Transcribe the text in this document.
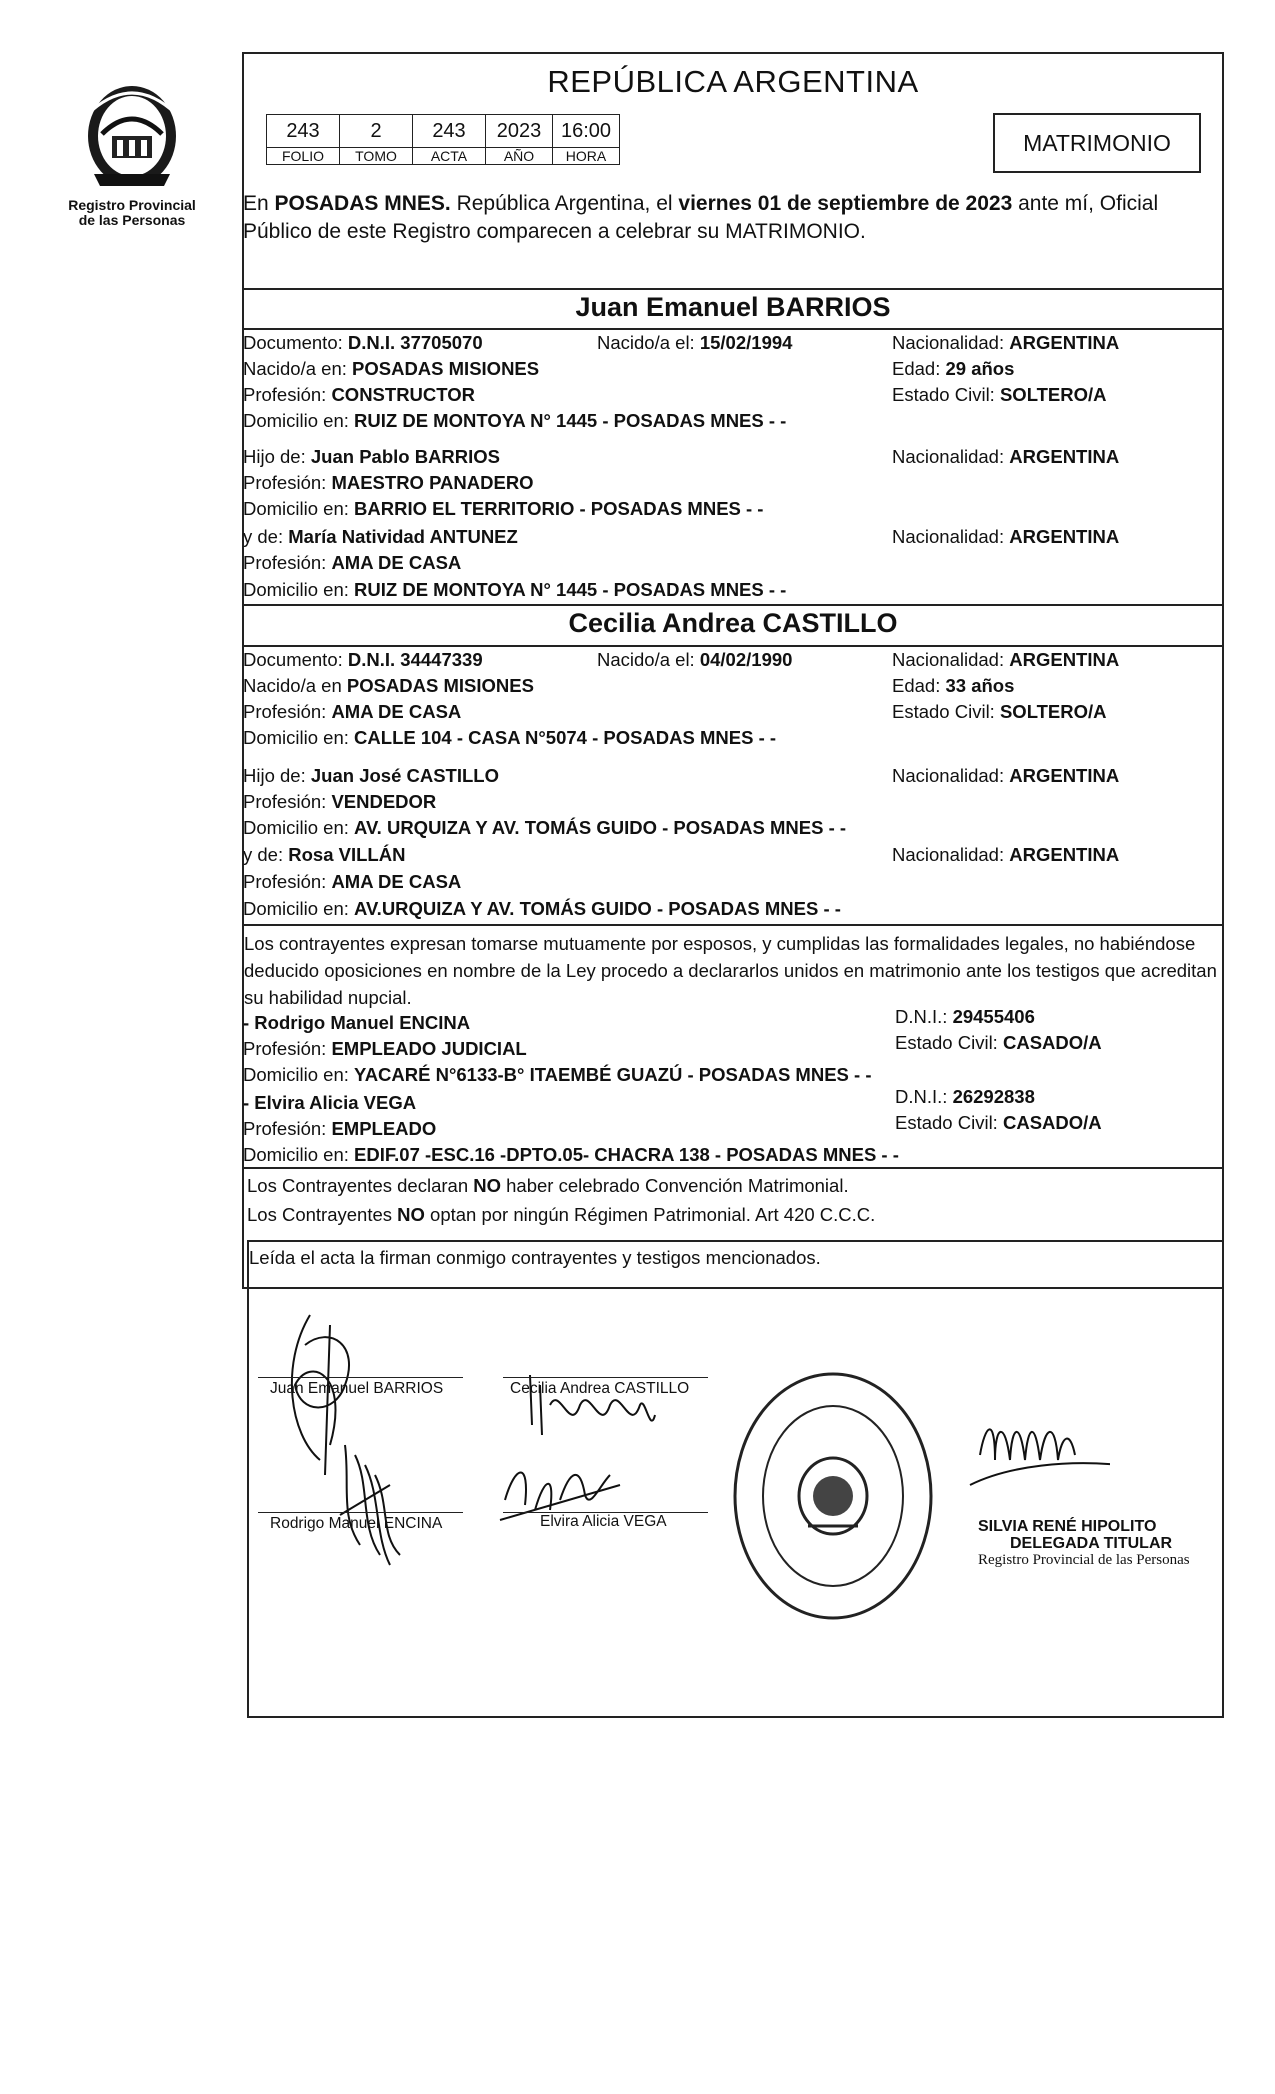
Registro Provincial
de las Personas
REPÚBLICA ARGENTINA
243	2	243	2023	16:00
FOLIO	TOMO	ACTA	AÑO	HORA	MATRIMONIO
En POSADAS MNES. República Argentina, el viernes 01 de septiembre de 2023 ante mí, Oficial Público de este Registro comparecen a celebrar su MATRIMONIO.
Juan Emanuel BARRIOS
Documento: D.N.I. 37705070	Nacido/a el: 15/02/1994	Nacionalidad: ARGENTINA
Nacido/a en: POSADAS MISIONES	Edad: 29 años
Profesión: CONSTRUCTOR	Estado Civil: SOLTERO/A
Domicilio en: RUIZ DE MONTOYA N° 1445 - POSADAS MNES - -
Hijo de: Juan Pablo BARRIOS	Nacionalidad: ARGENTINA
Profesión: MAESTRO PANADERO
Domicilio en: BARRIO EL TERRITORIO - POSADAS MNES - -
y de: María Natividad ANTUNEZ	Nacionalidad: ARGENTINA
Profesión: AMA DE CASA
Domicilio en: RUIZ DE MONTOYA N° 1445 - POSADAS MNES - -
Cecilia Andrea CASTILLO
Documento: D.N.I. 34447339	Nacido/a el: 04/02/1990	Nacionalidad: ARGENTINA
Nacido/a en POSADAS MISIONES	Edad: 33 años
Profesión: AMA DE CASA	Estado Civil: SOLTERO/A
Domicilio en: CALLE 104 - CASA N°5074 - POSADAS MNES - -
Hijo de: Juan José CASTILLO	Nacionalidad: ARGENTINA
Profesión: VENDEDOR
Domicilio en: AV. URQUIZA Y AV. TOMÁS GUIDO - POSADAS MNES - -
y de: Rosa VILLÁN	Nacionalidad: ARGENTINA
Profesión: AMA DE CASA
Domicilio en: AV.URQUIZA Y AV. TOMÁS GUIDO - POSADAS MNES - -
Los contrayentes expresan tomarse mutuamente por esposos, y cumplidas las formalidades legales, no habiéndose deducido oposiciones en nombre de la Ley procedo a declararlos unidos en matrimonio ante los testigos que acreditan su habilidad nupcial.
- Rodrigo Manuel ENCINA	D.N.I.: 29455406
Profesión: EMPLEADO JUDICIAL	Estado Civil: CASADO/A
Domicilio en: YACARÉ N°6133-B° ITAEMBÉ GUAZÚ - POSADAS MNES - -
- Elvira Alicia VEGA	D.N.I.: 26292838
Profesión: EMPLEADO	Estado Civil: CASADO/A
Domicilio en: EDIF.07 -ESC.16 -DPTO.05- CHACRA 138 - POSADAS MNES - -
Los Contrayentes declaran NO haber celebrado Convención Matrimonial.
Los Contrayentes NO optan por ningún Régimen Patrimonial. Art 420 C.C.C.
Leída el acta la firman conmigo contrayentes y testigos mencionados.
Juan Emanuel BARRIOS	Cecilia Andrea CASTILLO
Rodrigo Manuel ENCINA	Elvira Alicia VEGA	SILVIA RENÉ HIPOLITO
DELEGADA TITULAR
Registro Provincial de las Personas
